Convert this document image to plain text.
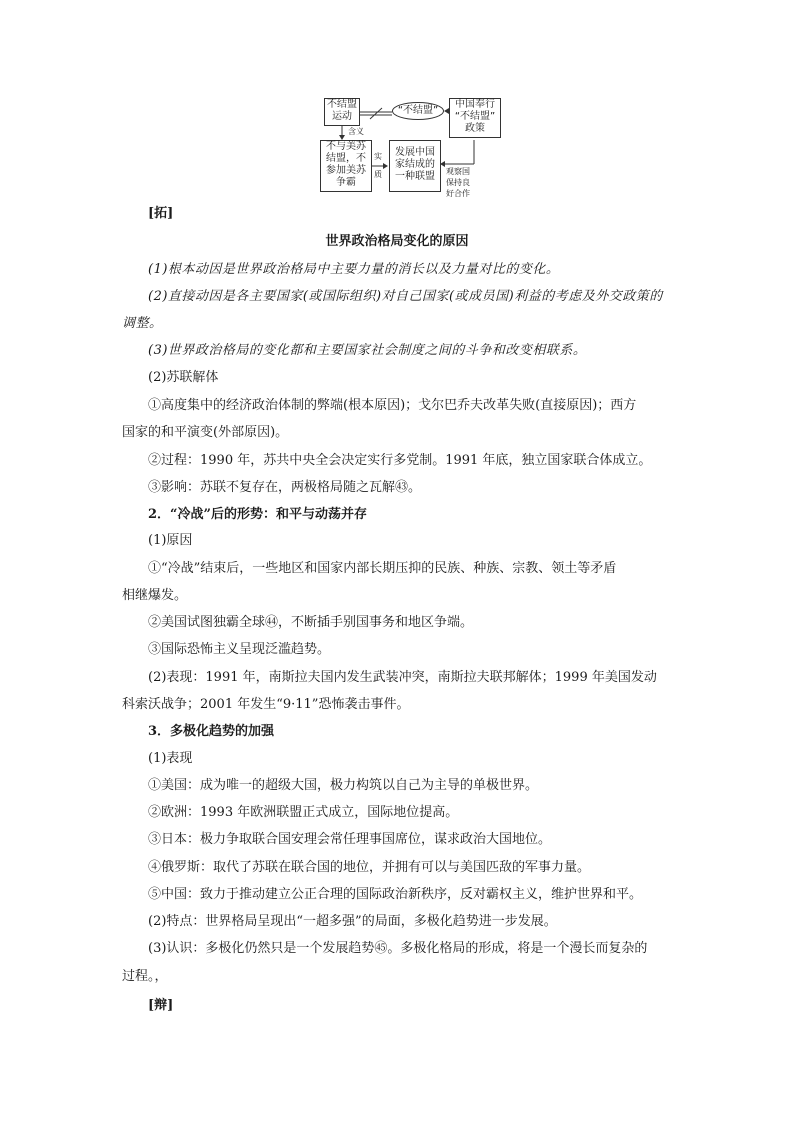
不结盟
运动
“不结盟”
中国奉行
“不结盟”
政策
含义
不与美苏
结盟，不
参加美苏
争霸
实
质
发展中国
家结成的
一种联盟	观察国
保持良
好合作
[拓]
世界政治格局变化的原因
(1)根本动因是世界政治格局中主要力量的消长以及力量对比的变化。
(2)直接动因是各主要国家(或国际组织)对自己国家(或成员国)利益的考虑及外交政策的
调整。
(3)世界政治格局的变化都和主要国家社会制度之间的斗争和改变相联系。
(2)苏联解体
①高度集中的经济政治体制的弊端(根本原因)；戈尔巴乔夫改革失败(直接原因)；西方
国家的和平演变(外部原因)。
②过程：1990 年，苏共中央全会决定实行多党制。1991 年底，独立国家联合体成立。
③影响：苏联不复存在，两极格局随之瓦解㊸。
2．“冷战”后的形势：和平与动荡并存
(1)原因
①“冷战”结束后，一些地区和国家内部长期压抑的民族、种族、宗教、领土等矛盾
相继爆发。
②美国试图独霸全球㊹，不断插手别国事务和地区争端。
③国际恐怖主义呈现泛滥趋势。
(2)表现：1991 年，南斯拉夫国内发生武装冲突，南斯拉夫联邦解体；1999 年美国发动
科索沃战争；2001 年发生“9·11”恐怖袭击事件。
3．多极化趋势的加强
(1)表现
①美国：成为唯一的超级大国，极力构筑以自己为主导的单极世界。
②欧洲：1993 年欧洲联盟正式成立，国际地位提高。
③日本：极力争取联合国安理会常任理事国席位，谋求政治大国地位。
④俄罗斯：取代了苏联在联合国的地位，并拥有可以与美国匹敌的军事力量。
⑤中国：致力于推动建立公正合理的国际政治新秩序，反对霸权主义，维护世界和平。
(2)特点：世界格局呈现出“一超多强”的局面，多极化趋势进一步发展。
(3)认识：多极化仍然只是一个发展趋势㊺。多极化格局的形成，将是一个漫长而复杂的
过程。，
[辩]
